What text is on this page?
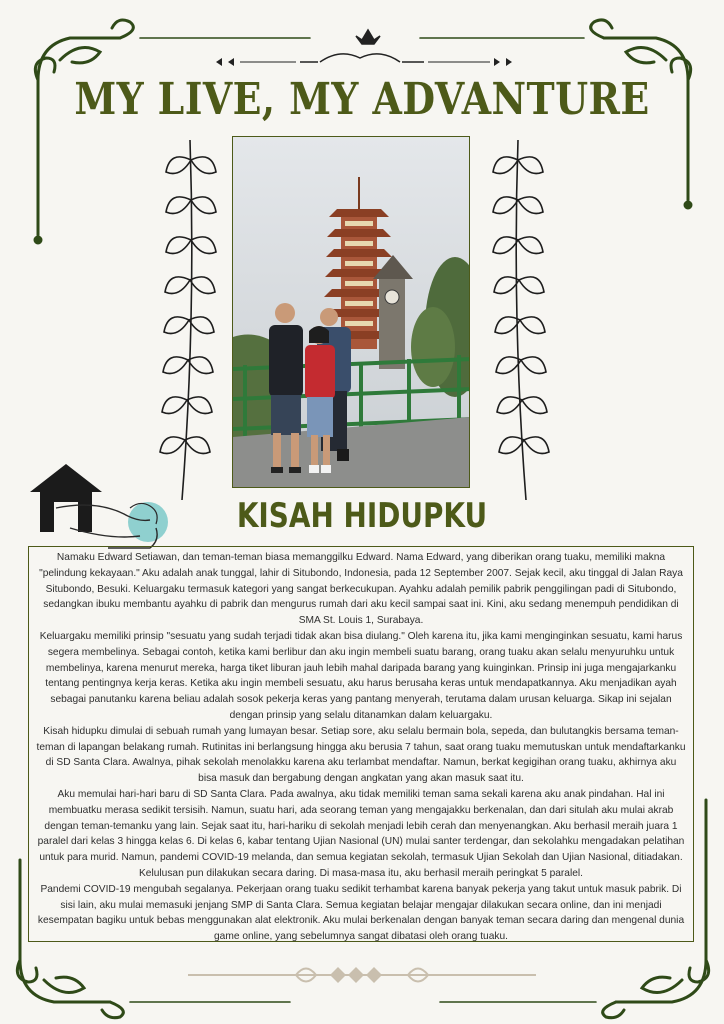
MY LIVE, MY ADVANTURE
KISAH HIDUPKU

Namaku Edward Setiawan, dan teman-teman biasa memanggilku Edward. Nama Edward, yang diberikan orang tuaku, memiliki makna "pelindung kekayaan." Aku adalah anak tunggal, lahir di Situbondo, Indonesia, pada 12 September 2007. Sejak kecil, aku tinggal di Jalan Raya Situbondo, Besuki. Keluargaku termasuk kategori yang sangat berkecukupan. Ayahku adalah pemilik pabrik penggilingan padi di Situbondo, sedangkan ibuku membantu ayahku di pabrik dan mengurus rumah dari aku kecil sampai saat ini. Kini, aku sedang menempuh pendidikan di SMA St. Louis 1, Surabaya.

Keluargaku memiliki prinsip "sesuatu yang sudah terjadi tidak akan bisa diulang." Oleh karena itu, jika kami menginginkan sesuatu, kami harus segera membelinya. Sebagai contoh, ketika kami berlibur dan aku ingin membeli suatu barang, orang tuaku akan selalu menyuruhku untuk membelinya, karena menurut mereka, harga tiket liburan jauh lebih mahal daripada barang yang kuinginkan. Prinsip ini juga mengajarkanku tentang pentingnya kerja keras. Ketika aku ingin membeli sesuatu, aku harus berusaha keras untuk mendapatkannya. Aku menjadikan ayah sebagai panutanku karena beliau adalah sosok pekerja keras yang pantang menyerah, terutama dalam urusan keluarga. Sikap ini sejalan dengan prinsip yang selalu ditanamkan dalam keluargaku.

Kisah hidupku dimulai di sebuah rumah yang lumayan besar. Setiap sore, aku selalu bermain bola, sepeda, dan bulutangkis bersama teman-teman di lapangan belakang rumah. Rutinitas ini berlangsung hingga aku berusia 7 tahun, saat orang tuaku memutuskan untuk mendaftarkanku di SD Santa Clara. Awalnya, pihak sekolah menolakku karena aku terlambat mendaftar. Namun, berkat kegigihan orang tuaku, akhirnya aku bisa masuk dan bergabung dengan angkatan yang akan masuk saat itu.

Aku memulai hari-hari baru di SD Santa Clara. Pada awalnya, aku tidak memiliki teman sama sekali karena aku anak pindahan. Hal ini membuatku merasa sedikit tersisih. Namun, suatu hari, ada seorang teman yang mengajakku berkenalan, dan dari situlah aku mulai akrab dengan teman-temanku yang lain. Sejak saat itu, hari-hariku di sekolah menjadi lebih cerah dan menyenangkan. Aku berhasil meraih juara 1 paralel dari kelas 3 hingga kelas 6. Di kelas 6, kabar tentang Ujian Nasional (UN) mulai santer terdengar, dan sekolahku mengadakan pelatihan untuk para murid. Namun, pandemi COVID-19 melanda, dan semua kegiatan sekolah, termasuk Ujian Sekolah dan Ujian Nasional, ditiadakan. Kelulusan pun dilakukan secara daring. Di masa-masa itu, aku berhasil meraih peringkat 5 paralel.

Pandemi COVID-19 mengubah segalanya. Pekerjaan orang tuaku sedikit terhambat karena banyak pekerja yang takut untuk masuk pabrik. Di sisi lain, aku mulai memasuki jenjang SMP di Santa Clara. Semua kegiatan belajar mengajar dilakukan secara online, dan ini menjadi kesempatan bagiku untuk bebas menggunakan alat elektronik. Aku mulai berkenalan dengan banyak teman secara daring dan mengenal dunia game online, yang sebelumnya sangat dibatasi oleh orang tuaku.
